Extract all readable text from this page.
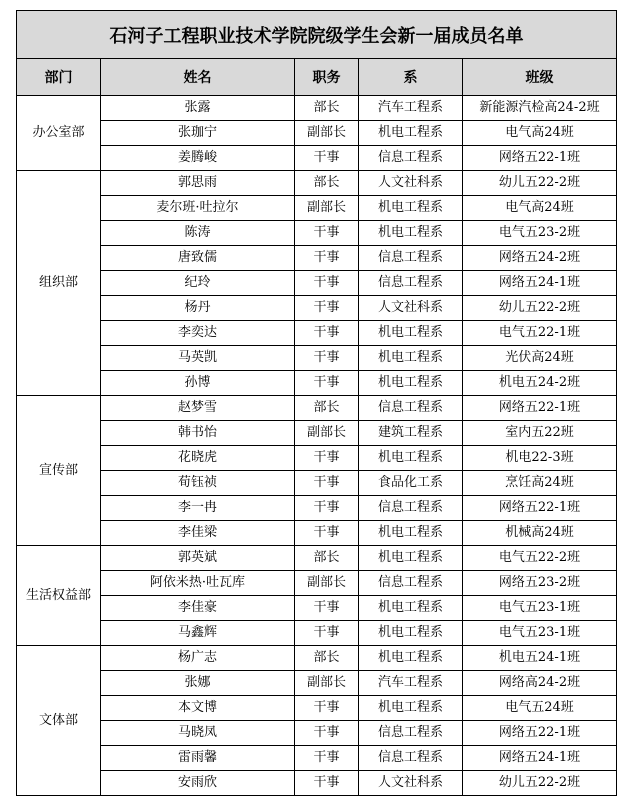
石河子工程职业技术学院院级学生会新一届成员名单				
部门	姓名	职务	系	班级
办公室部	张露	部长	汽车工程系	新能源汽检高24-2班
	张珈宁	副部长	机电工程系	电气高24班
	姜腾峻	干事	信息工程系	网络五22-1班
组织部	郭思雨	部长	人文社科系	幼儿五22-2班
	麦尔班·吐拉尔	副部长	机电工程系	电气高24班
	陈涛	干事	机电工程系	电气五23-2班
	唐致儒	干事	信息工程系	网络五24-2班
	纪玲	干事	信息工程系	网络五24-1班
	杨丹	干事	人文社科系	幼儿五22-2班
	李奕达	干事	机电工程系	电气五22-1班
	马英凯	干事	机电工程系	光伏高24班
	孙博	干事	机电工程系	机电五24-2班
宣传部	赵梦雪	部长	信息工程系	网络五22-1班
	韩书怡	副部长	建筑工程系	室内五22班
	花晓虎	干事	机电工程系	机电22-3班
	荀钰祯	干事	食品化工系	烹饪高24班
	李一冉	干事	信息工程系	网络五22-1班
	李佳梁	干事	机电工程系	机械高24班
生活权益部	郭英斌	部长	机电工程系	电气五22-2班
	阿依米热·吐瓦库	副部长	信息工程系	网络五23-2班
	李佳豪	干事	机电工程系	电气五23-1班
	马鑫辉	干事	机电工程系	电气五23-1班
文体部	杨广志	部长	机电工程系	机电五24-1班
	张娜	副部长	汽车工程系	网络高24-2班
	本文博	干事	机电工程系	电气五24班
	马晓凤	干事	信息工程系	网络五22-1班
	雷雨馨	干事	信息工程系	网络五24-1班
	安雨欣	干事	人文社科系	幼儿五22-2班
